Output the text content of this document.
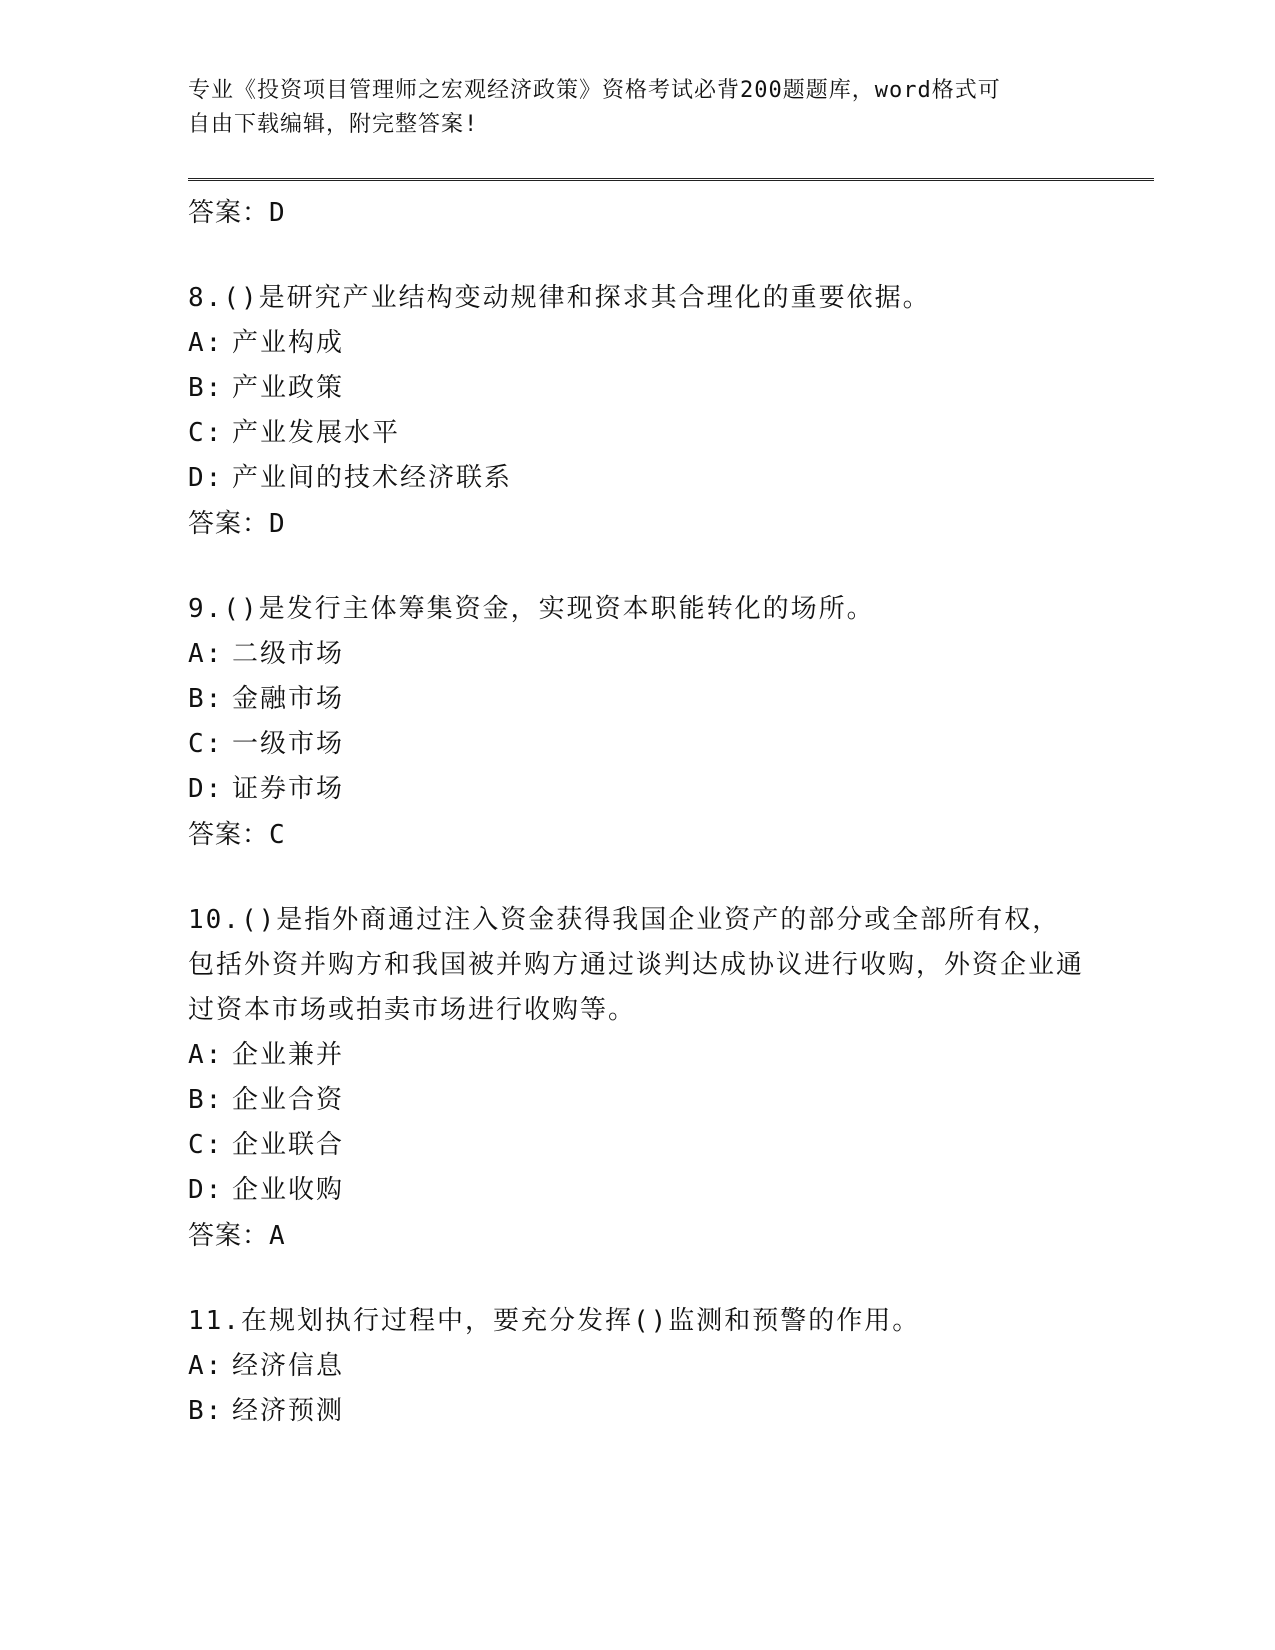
专业《投资项目管理师之宏观经济政策》资格考试必背200题题库，word格式可
自由下载编辑，附完整答案!
答案：D
8.()是研究产业结构变动规律和探求其合理化的重要依据。
A: 产业构成
B: 产业政策
C: 产业发展水平
D: 产业间的技术经济联系
答案：D
9.()是发行主体筹集资金，实现资本职能转化的场所。
A: 二级市场
B: 金融市场
C: 一级市场
D: 证券市场
答案：C
10.()是指外商通过注入资金获得我国企业资产的部分或全部所有权，包括外资并购方和我国被并购方通过谈判达成协议进行收购，外资企业通过资本市场或拍卖市场进行收购等。
A: 企业兼并
B: 企业合资
C: 企业联合
D: 企业收购
答案：A
11.在规划执行过程中，要充分发挥()监测和预警的作用。
A: 经济信息
B: 经济预测
